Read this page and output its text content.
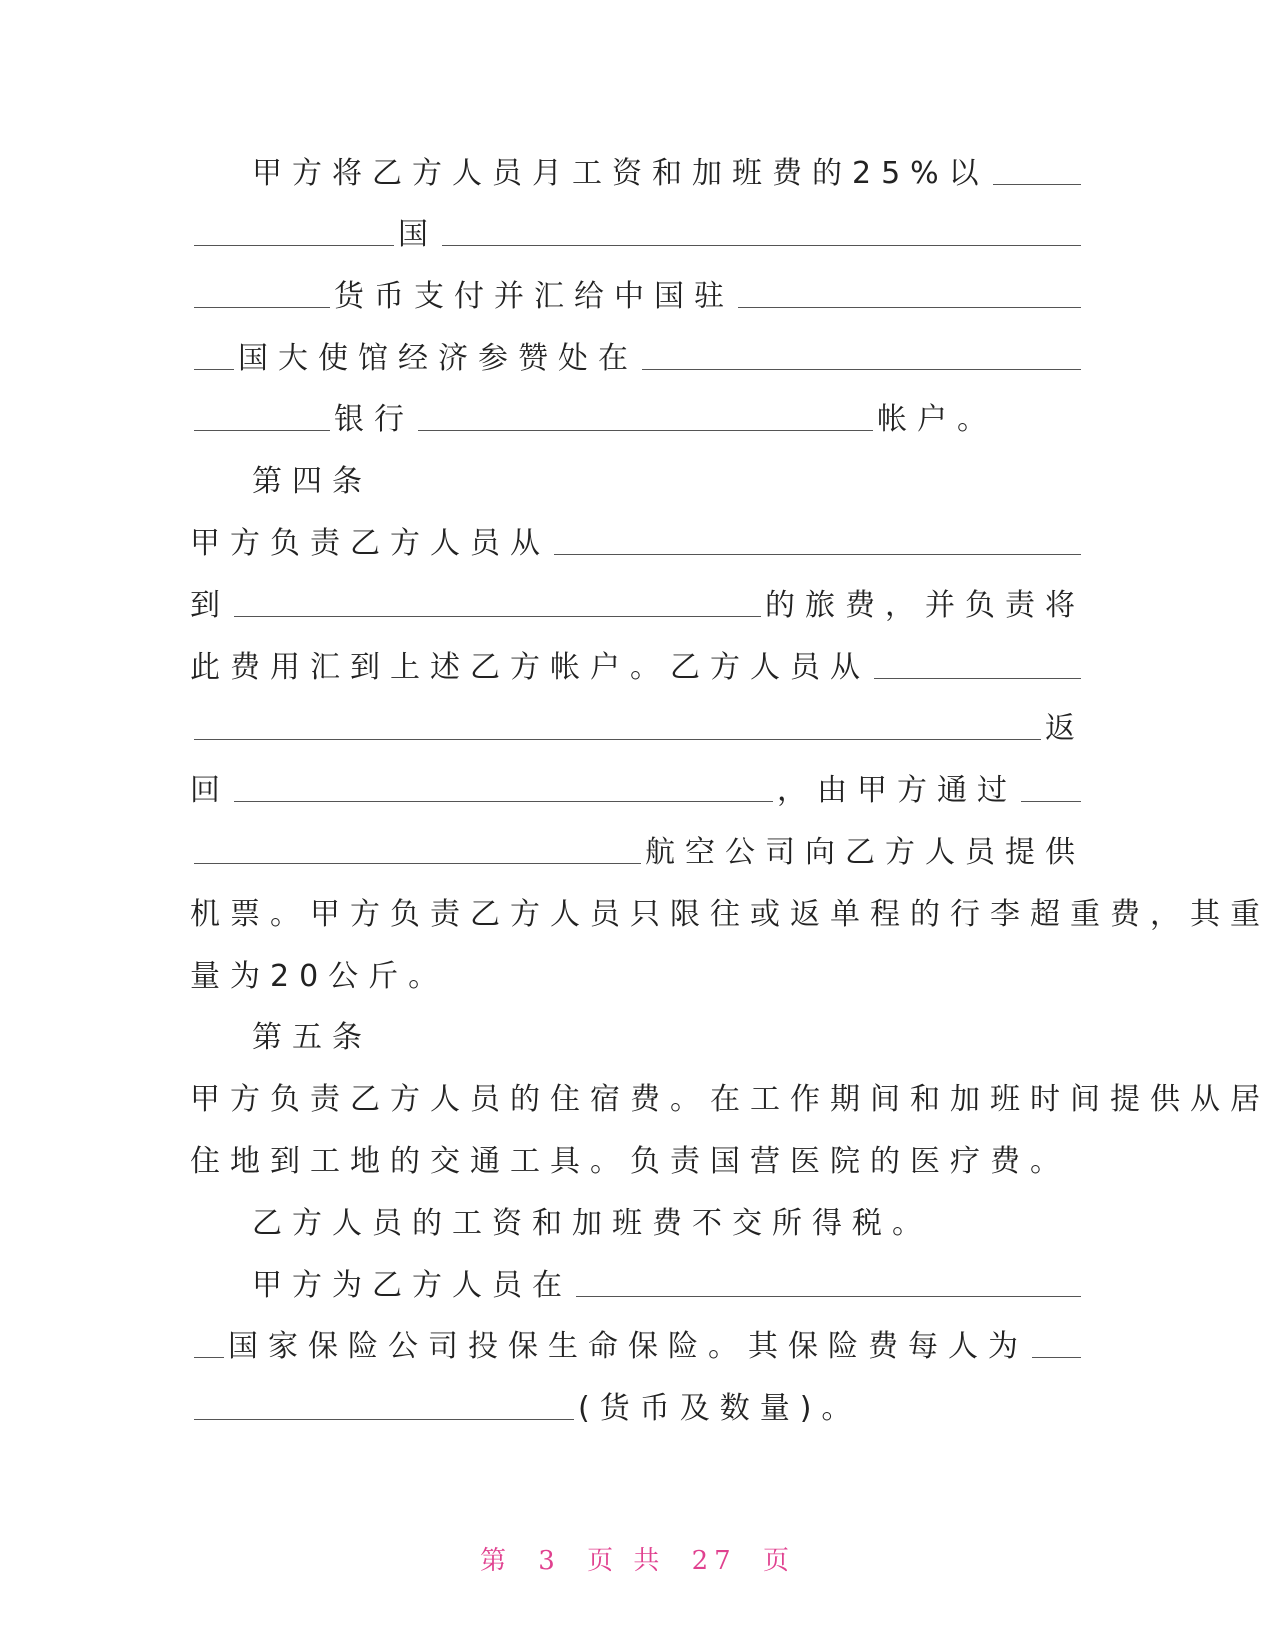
甲方将乙方人员月工资和加班费的25%以
国
货币支付并汇给中国驻
国大使馆经济参赞处在
银行	帐户。
第四条
甲方负责乙方人员从
到	的旅费，并负责将
此费用汇到上述乙方帐户。乙方人员从
返
回	，由甲方通过
航空公司向乙方人员提供
机票。甲方负责乙方人员只限往或返单程的行李超重费，其重
量为20公斤。
第五条
甲方负责乙方人员的住宿费。在工作期间和加班时间提供从居
住地到工地的交通工具。负责国营医院的医疗费。
乙方人员的工资和加班费不交所得税。
甲方为乙方人员在
国家保险公司投保生命保险。其保险费每人为
(货币及数量)。
第 3 页 共 27 页
